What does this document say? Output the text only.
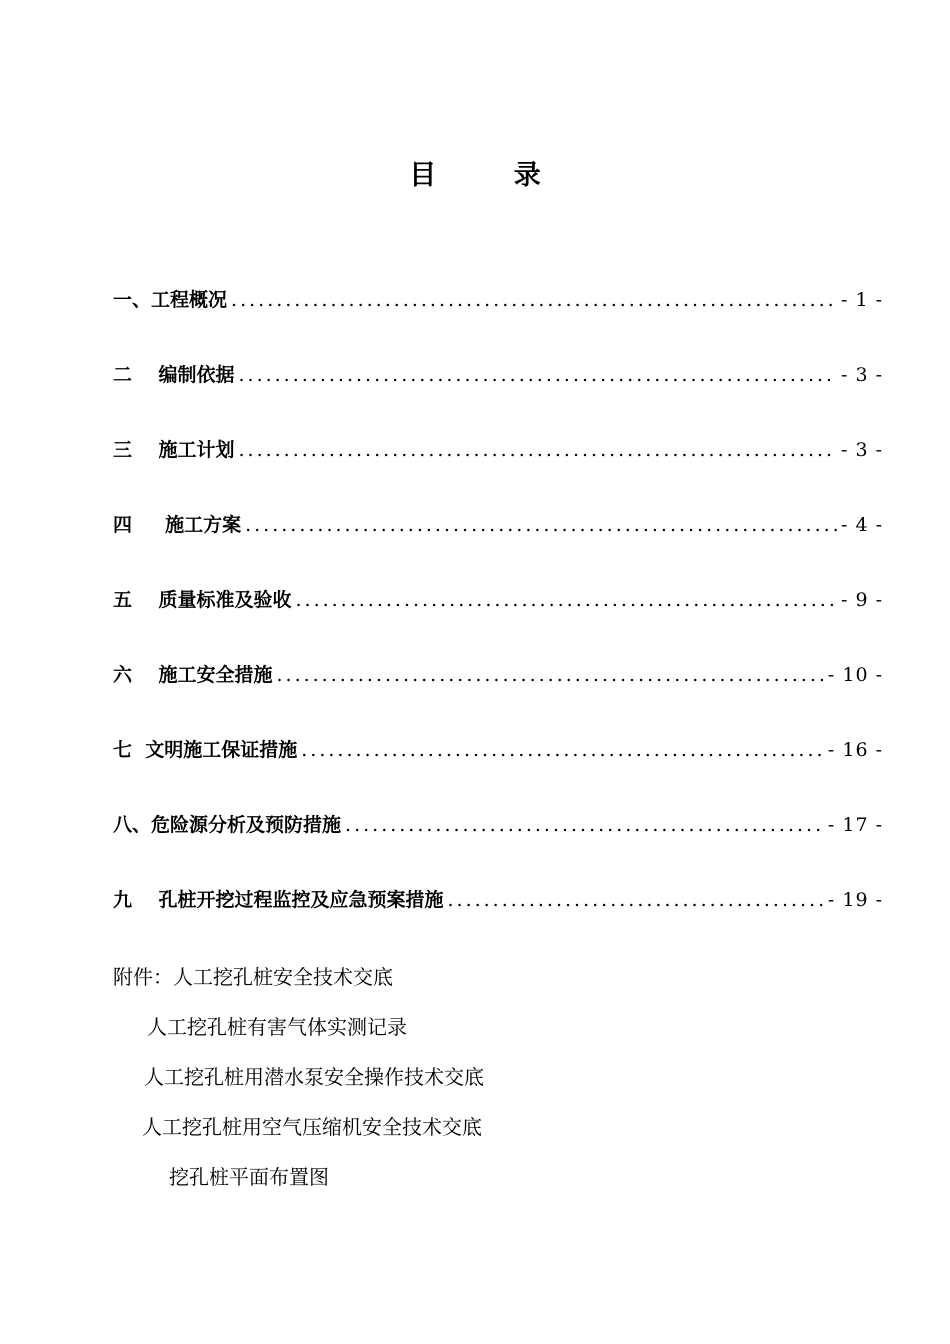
目 录
一、 工程概况 .....	- 1 -
二 编制依据 .....	- 3 -
三 施工计划 .....	- 3 -
四 施工方案 .....	- 4 -
五 质量标准及验收 .....	- 9 -
六 施工安全措施 .....	- 10 -
七 文明施工保证措施 .....	- 16 -
八、 危险源分析及预防措施 .....	- 17 -
九 孔桩开挖过程监控及应急预案措施 .....	- 19 -
附件：人工挖孔桩安全技术交底
人工挖孔桩有害气体实测记录
人工挖孔桩用潜水泵安全操作技术交底
人工挖孔桩用空气压缩机安全技术交底
挖孔桩平面布置图
